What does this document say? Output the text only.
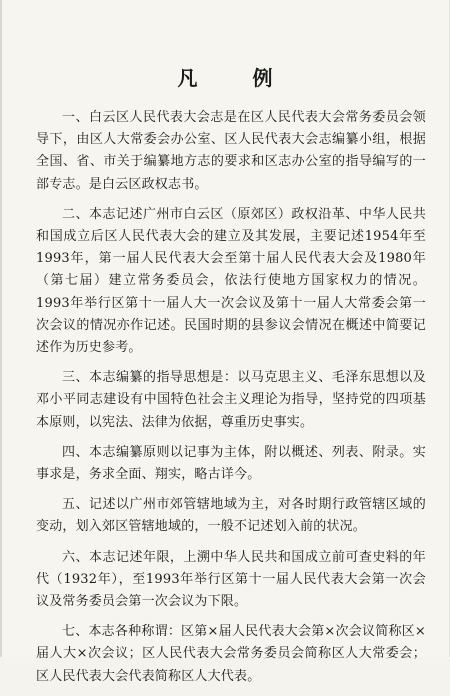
凡 例

一、白云区人民代表大会志是在区人民代表大会常务委员会领导下，由区人大常委会办公室、区人民代表大会志编纂小组，根据全国、省、市关于编纂地方志的要求和区志办公室的指导编写的一部专志。是白云区政权志书。

二、本志记述广州市白云区（原郊区）政权沿革、中华人民共和国成立后区人民代表大会的建立及其发展，主要记述1954年至1993年，第一届人民代表大会至第十届人民代表大会及1980年（第七届）建立常务委员会，依法行使地方国家权力的情况。1993年举行区第十一届人大一次会议及第十一届人大常委会第一次会议的情况亦作记述。民国时期的县参议会情况在概述中简要记述作为历史参考。

三、本志编纂的指导思想是：以马克思主义、毛泽东思想以及邓小平同志建设有中国特色社会主义理论为指导，坚持党的四项基本原则，以宪法、法律为依据，尊重历史事实。

四、本志编纂原则以记事为主体，附以概述、列表、附录。实事求是，务求全面、翔实，略古详今。

五、记述以广州市郊管辖地域为主，对各时期行政管辖区域的变动，划入郊区管辖地域的，一般不记述划入前的状况。

六、本志记述年限，上溯中华人民共和国成立前可查史料的年代（1932年），至1993年举行区第十一届人民代表大会第一次会议及常务委员会第一次会议为下限。

七、本志各种称谓：区第×届人民代表大会第×次会议简称区×届人大×次会议；区人民代表大会常务委员会简称区人大常委会；区人民代表大会代表简称区人大代表。
